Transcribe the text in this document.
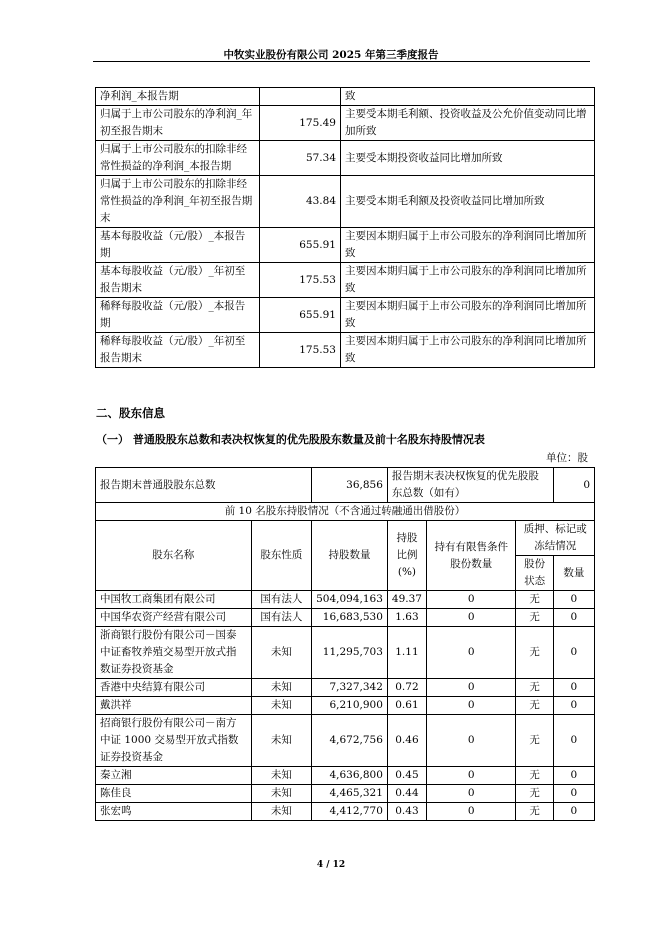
中牧实业股份有限公司 2025 年第三季度报告
净利润_本报告期		致
归属于上市公司股东的净利润_年初至报告期末	175.49	主要受本期毛利额、投资收益及公允价值变动同比增加所致
归属于上市公司股东的扣除非经常性损益的净利润_本报告期	57.34	主要受本期投资收益同比增加所致
归属于上市公司股东的扣除非经常性损益的净利润_年初至报告期末	43.84	主要受本期毛利额及投资收益同比增加所致
基本每股收益（元/股）_本报告期	655.91	主要因本期归属于上市公司股东的净利润同比增加所致
基本每股收益（元/股）_年初至报告期末	175.53	主要因本期归属于上市公司股东的净利润同比增加所致
稀释每股收益（元/股）_本报告期	655.91	主要因本期归属于上市公司股东的净利润同比增加所致
稀释每股收益（元/股）_年初至报告期末	175.53	主要因本期归属于上市公司股东的净利润同比增加所致
二、股东信息
（一） 普通股股东总数和表决权恢复的优先股股东数量及前十名股东持股情况表
单位：股
报告期末普通股股东总数		36,856	报告期末表决权恢复的优先股股东总数（如有）			0
前 10 名股东持股情况（不含通过转融通出借股份）						
股东名称	股东性质	持股数量	持股比例(%)	持有有限售条件股份数量	质押、标记或冻结情况	
					股份状态	数量
中国牧工商集团有限公司	国有法人	504,094,163	49.37	0	无	0
中国华农资产经营有限公司	国有法人	16,683,530	1.63	0	无	0
浙商银行股份有限公司－国泰中证畜牧养殖交易型开放式指数证券投资基金	未知	11,295,703	1.11	0	无	0
香港中央结算有限公司	未知	7,327,342	0.72	0	无	0
戴洪祥	未知	6,210,900	0.61	0	无	0
招商银行股份有限公司－南方中证 1000 交易型开放式指数证券投资基金	未知	4,672,756	0.46	0	无	0
秦立湘	未知	4,636,800	0.45	0	无	0
陈佳良	未知	4,465,321	0.44	0	无	0
张宏鸣	未知	4,412,770	0.43	0	无	0
4 / 12
